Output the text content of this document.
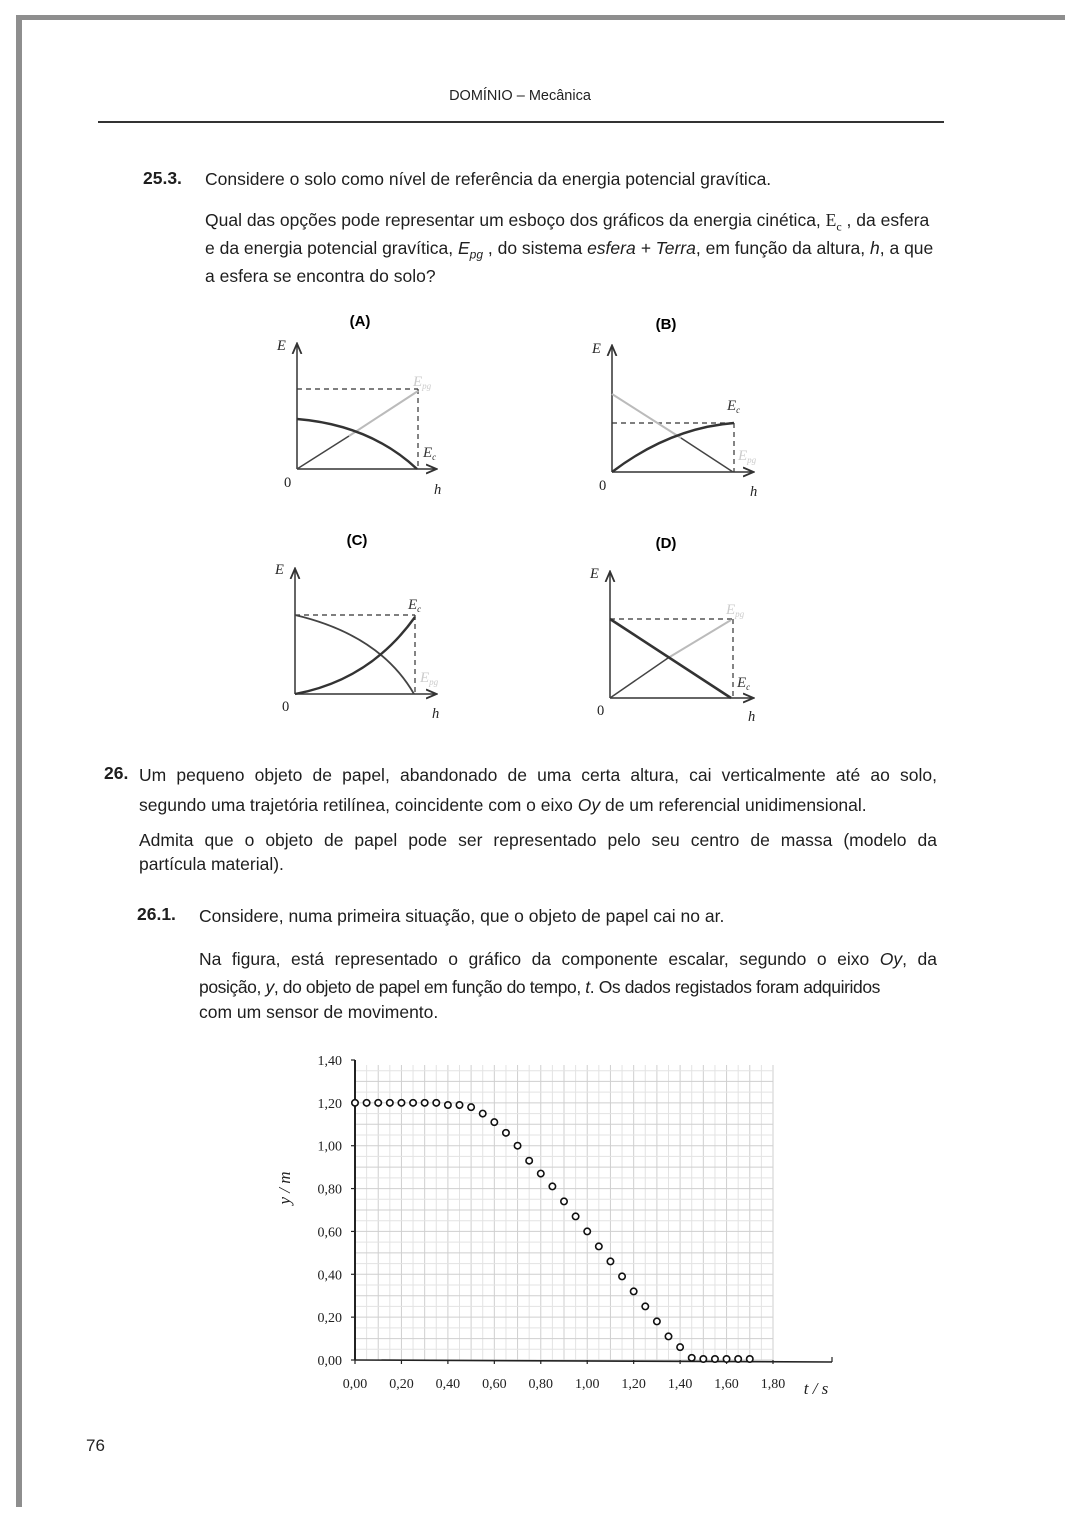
DOMÍNIO – Mecânica
25.3. Considere o solo como nível de referência da energia potencial gravítica.
Qual das opções pode representar um esboço dos gráficos da energia cinética, $E_c$ , da esfera
e da energia potencial gravítica, $E_{pg}$ , do sistema esfera + Terra, em função da altura, h, a que
a esfera se encontra do solo?
(A)
E
0	h
$E_{pg}$
$E_c$
(B)
E
0	h
$E_c$
$E_{pg}$
(C)
E
0	h
$E_c$
$E_{pg}$
(D)
E
0	h
$E_{pg}$
$E_c$
26. Um pequeno objeto de papel, abandonado de uma certa altura, cai verticalmente até ao solo,
segundo uma trajetória retilínea, coincidente com o eixo Oy de um referencial unidimensional.
Admita que o objeto de papel pode ser representado pelo seu centro de massa (modelo da
partícula material).
26.1. Considere, numa primeira situação, que o objeto de papel cai no ar.
Na figura, está representado o gráfico da componente escalar, segundo o eixo Oy, da
posição, y, do objeto de papel em função do tempo, t. Os dados registados foram adquiridos
com um sensor de movimento.
0,00
0,20
0,40
0,60
0,80
1,00
1,20
1,40
0,00 0,20 0,40 0,60 0,80 1,00 1,20 1,40 1,60 1,80
y / m
t / s
76
